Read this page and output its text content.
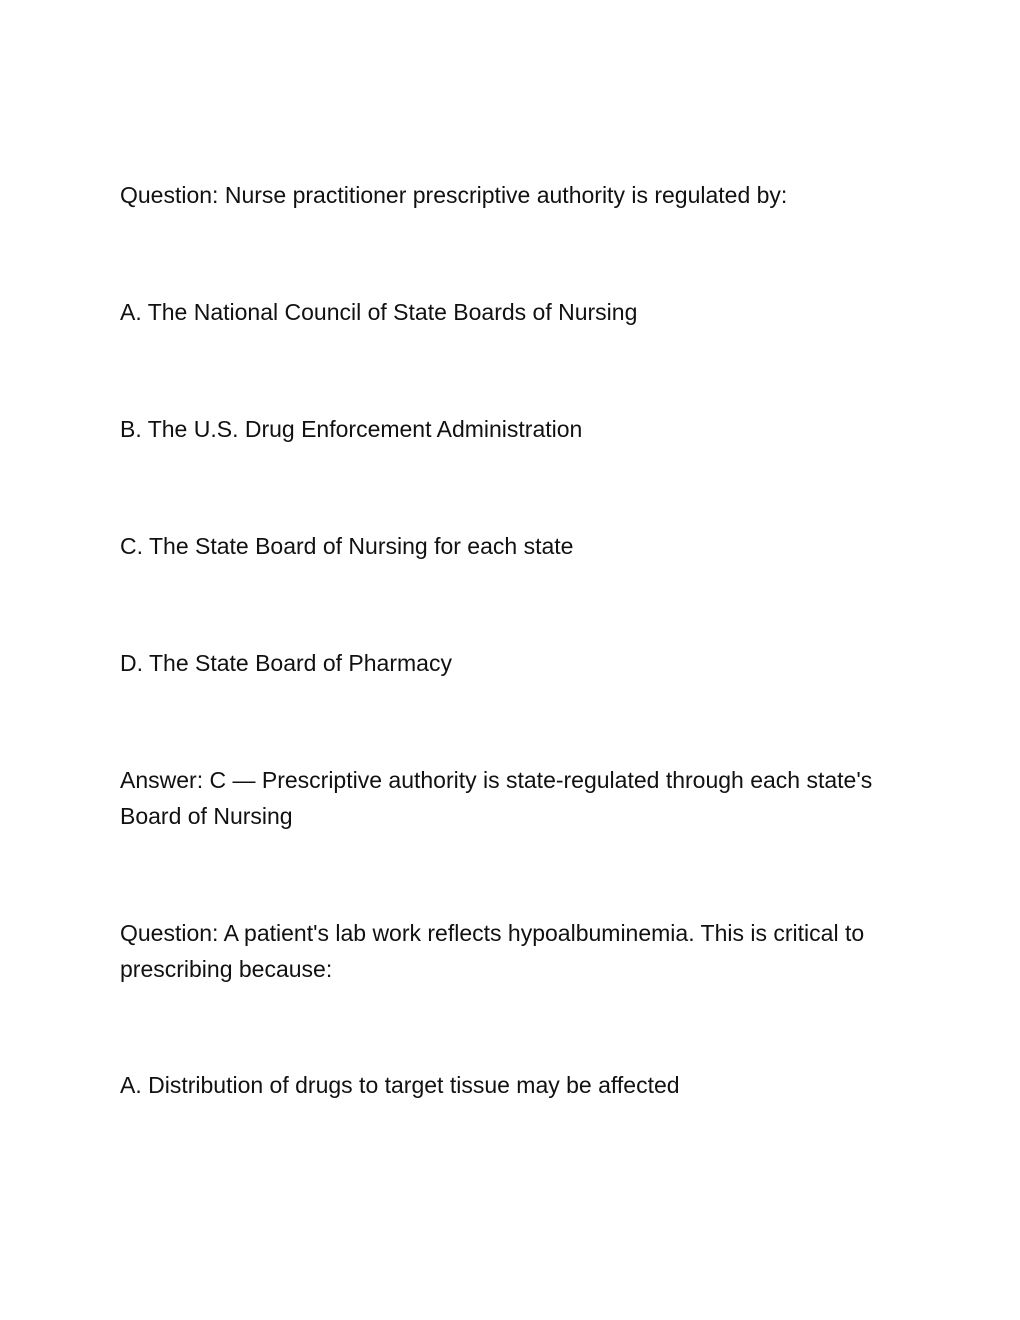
Question: Nurse practitioner prescriptive authority is regulated by:

A. The National Council of State Boards of Nursing

B. The U.S. Drug Enforcement Administration

C. The State Board of Nursing for each state

D. The State Board of Pharmacy

Answer: C — Prescriptive authority is state-regulated through each state's Board of Nursing

Question: A patient's lab work reflects hypoalbuminemia. This is critical to prescribing because:

A. Distribution of drugs to target tissue may be affected
